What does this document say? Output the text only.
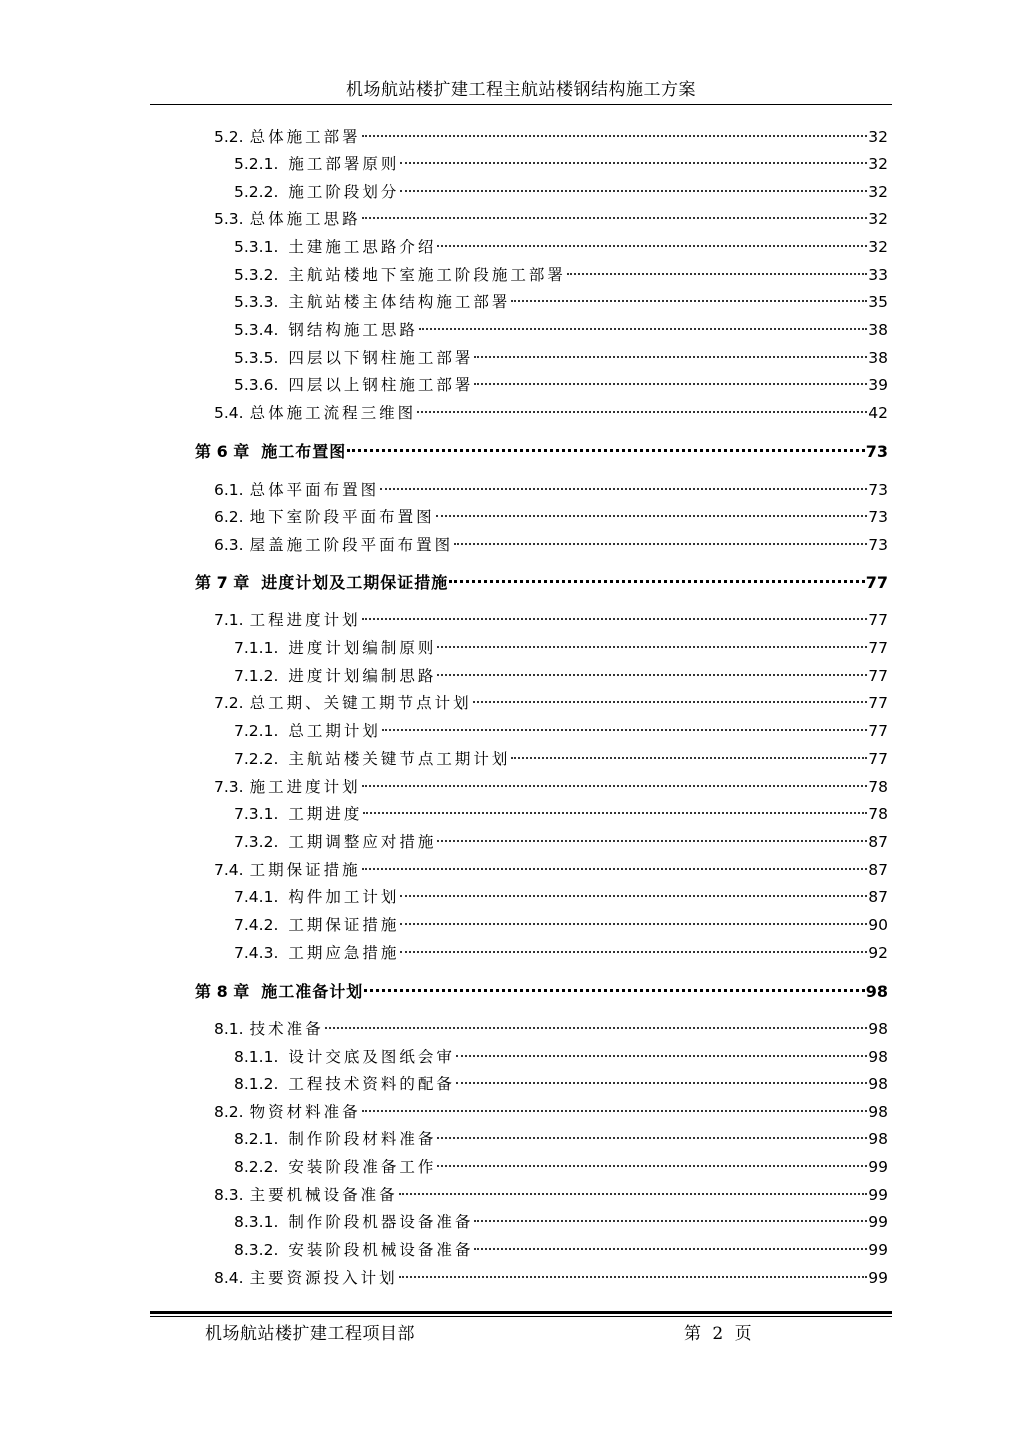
机场航站楼扩建工程主航站楼钢结构施工方案
5.2. 总体施工部署	32
5.2.1. 施工部署原则	32
5.2.2. 施工阶段划分	32
5.3. 总体施工思路	32
5.3.1. 土建施工思路介绍	32
5.3.2. 主航站楼地下室施工阶段施工部署	33
5.3.3. 主航站楼主体结构施工部署	35
5.3.4. 钢结构施工思路	38
5.3.5. 四层以下钢柱施工部署	38
5.3.6. 四层以上钢柱施工部署	39
5.4. 总体施工流程三维图	42
第 6 章 施工布置图	73
6.1. 总体平面布置图	73
6.2. 地下室阶段平面布置图	73
6.3. 屋盖施工阶段平面布置图	73
第 7 章 进度计划及工期保证措施	77
7.1. 工程进度计划	77
7.1.1. 进度计划编制原则	77
7.1.2. 进度计划编制思路	77
7.2. 总工期、关键工期节点计划	77
7.2.1. 总工期计划	77
7.2.2. 主航站楼关键节点工期计划	77
7.3. 施工进度计划	78
7.3.1. 工期进度	78
7.3.2. 工期调整应对措施	87
7.4. 工期保证措施	87
7.4.1. 构件加工计划	87
7.4.2. 工期保证措施	90
7.4.3. 工期应急措施	92
第 8 章 施工准备计划	98
8.1. 技术准备	98
8.1.1. 设计交底及图纸会审	98
8.1.2. 工程技术资料的配备	98
8.2. 物资材料准备	98
8.2.1. 制作阶段材料准备	98
8.2.2. 安装阶段准备工作	99
8.3. 主要机械设备准备	99
8.3.1. 制作阶段机器设备准备	99
8.3.2. 安装阶段机械设备准备	99
8.4. 主要资源投入计划	99
机场航站楼扩建工程项目部	第 2 页
